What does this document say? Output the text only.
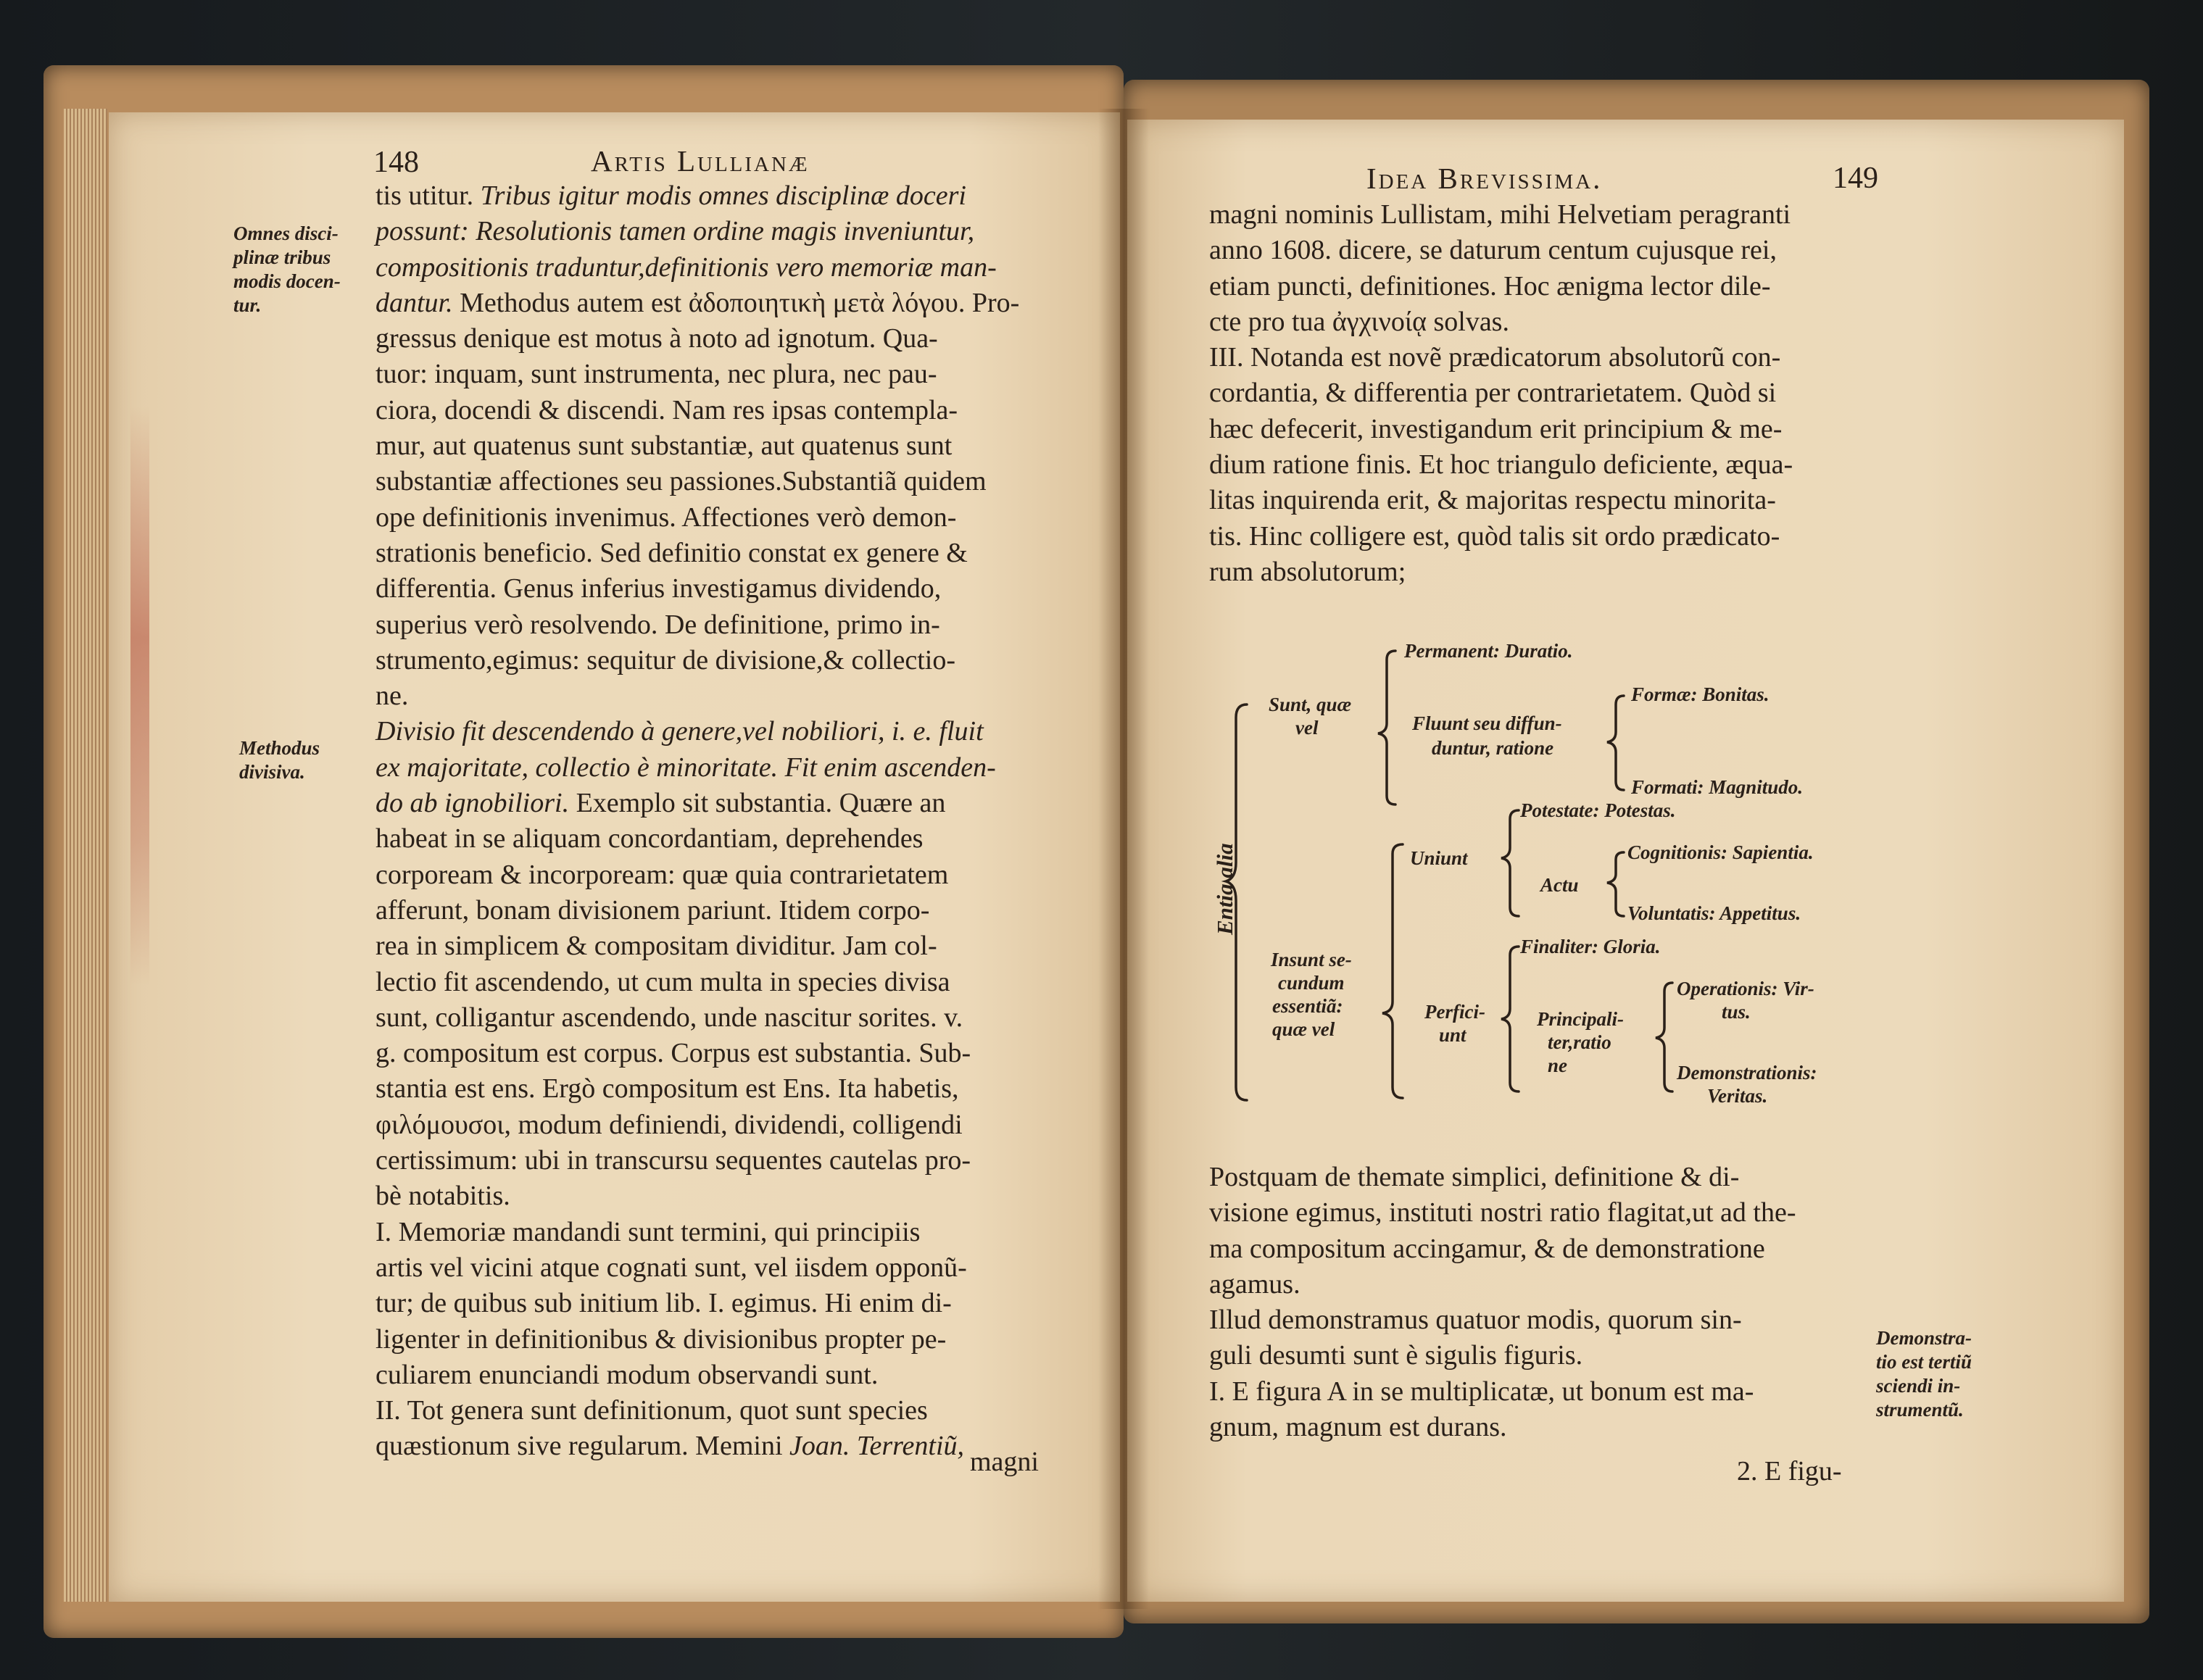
148	Artis Lullianæ
Omnes disci-
plinæ tribus
modis docen-
tur.
Methodus
divisiva.
tis utitur. Tribus igitur modis omnes disciplinæ doceri
possunt: Resolutionis tamen ordine magis inveniuntur,
compositionis traduntur,definitionis vero memoriæ man-
dantur. Methodus autem est ἀδοποιητικὴ μετὰ λόγου. Pro-
gressus denique est motus à noto ad ignotum. Qua-
tuor: inquam, sunt instrumenta, nec plura, nec pau-
ciora, docendi & discendi. Nam res ipsas contempla-
mur, aut quatenus sunt substantiæ, aut quatenus sunt
substantiæ affectiones seu passiones.Substantiã quidem
ope definitionis invenimus. Affectiones verò demon-
strationis beneficio. Sed definitio constat ex genere &
differentia. Genus inferius investigamus dividendo,
superius verò resolvendo. De definitione, primo in-
strumento,egimus: sequitur de divisione,& collectio-
ne.
Divisio fit descendendo à genere,vel nobiliori, i. e. fluit
ex majoritate, collectio è minoritate. Fit enim ascenden-
do ab ignobiliori. Exemplo sit substantia. Quære an
habeat in se aliquam concordantiam, deprehendes
corpoream & incorpoream: quæ quia contrarietatem
afferunt, bonam divisionem pariunt. Itidem corpo-
rea in simplicem & compositam dividitur. Jam col-
lectio fit ascendendo, ut cum multa in species divisa
sunt, colligantur ascendendo, unde nascitur sorites. v.
g. compositum est corpus. Corpus est substantia. Sub-
stantia est ens. Ergò compositum est Ens. Ita habetis,
φιλόμουσοι, modum definiendi, dividendi, colligendi
certissimum: ubi in transcursu sequentes cautelas pro-
bè notabitis.
I. Memoriæ mandandi sunt termini, qui principiis
artis vel vicini atque cognati sunt, vel iisdem opponũ-
tur; de quibus sub initium lib. I. egimus. Hi enim di-
ligenter in definitionibus & divisionibus propter pe-
culiarem enunciandi modum observandi sunt.
II. Tot genera sunt definitionum, quot sunt species
quæstionum sive regularum. Memini Joan. Terrentiũ,
magni
Idea Brevissima.	149
magni nominis Lullistam, mihi Helvetiam peragranti
anno 1608. dicere, se daturum centum cujusque rei,
etiam puncti, definitiones. Hoc ænigma lector dile-
cte pro tua ἀγχινοίᾳ solvas.
III. Notanda est novẽ prædicatorum absolutorũ con-
cordantia, & differentia per contrarietatem. Quòd si
hæc defecerit, investigandum erit principium & me-
dium ratione finis. Et hoc triangulo deficiente, æqua-
litas inquirenda erit, & majoritas respectu minorita-
tis. Hinc colligere est, quòd talis sit ordo prædicato-
rum absolutorum;
Entia alia
Sunt, quæ
vel
Permanent: Duratio.
Fluunt seu diffun-
duntur, ratione
Formæ: Bonitas.
Formati: Magnitudo.
Insunt se-
cundum
essentiã:
quæ vel
Uniunt
Potestate: Potestas.
Actu
Cognitionis: Sapientia.
Voluntatis: Appetitus.
Perfici-
unt
Finaliter: Gloria.
Principali-
ter,ratio
ne
Operationis: Vir-
tus.
Demonstrationis:
Veritas.
Postquam de themate simplici, definitione & di-
visione egimus, instituti nostri ratio flagitat,ut ad the-
ma compositum accingamur, & de demonstratione
agamus.
Illud demonstramus quatuor modis, quorum sin-
guli desumti sunt è sigulis figuris.
I. E figura A in se multiplicatæ, ut bonum est ma-
gnum, magnum est durans.
Demonstra-
tio est tertiũ
sciendi in-
strumentũ.
2. E figu-
